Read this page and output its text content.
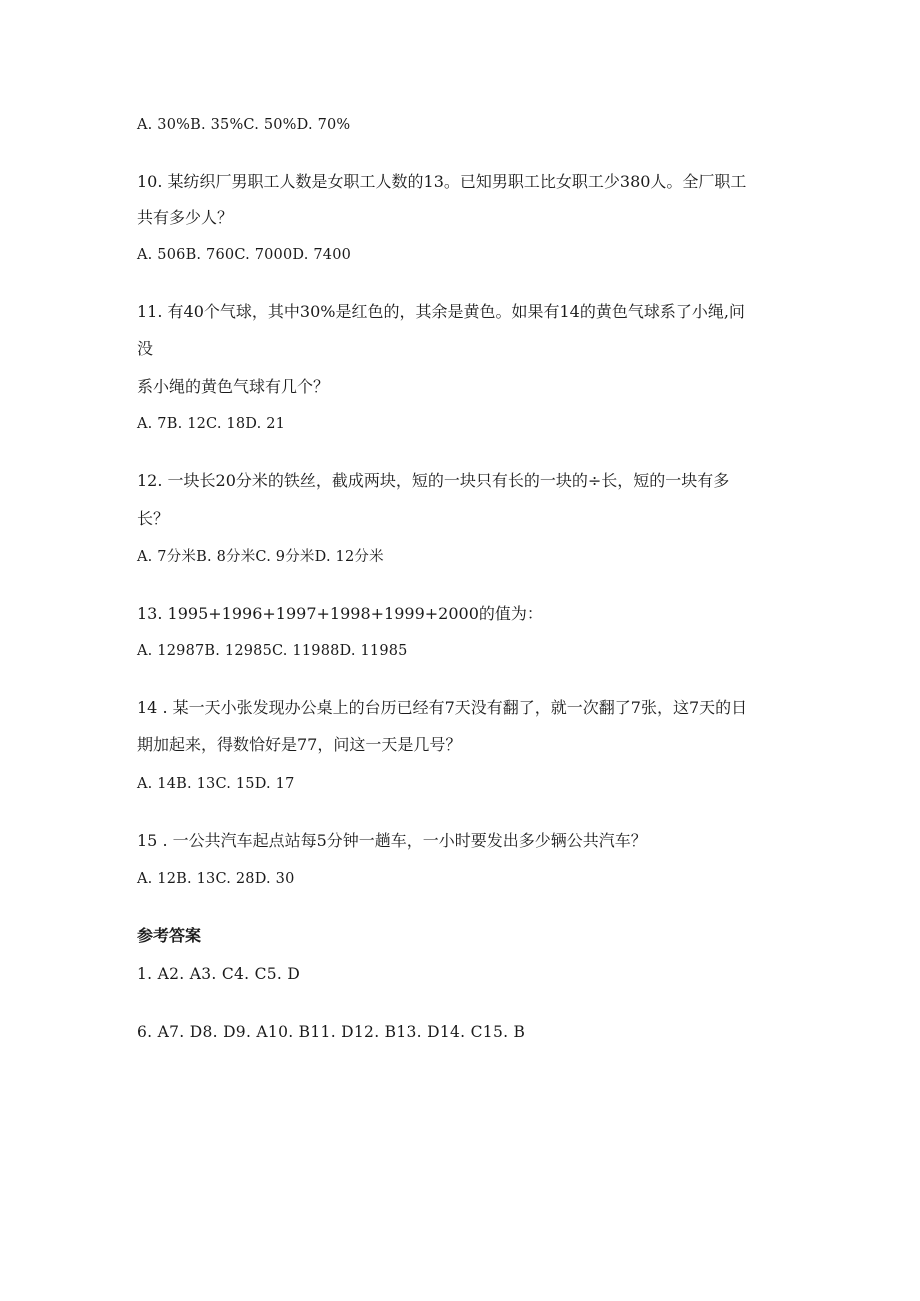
A. 30%B. 35%C. 50%D. 70%
10. 某纺织厂男职工人数是女职工人数的13。已知男职工比女职工少380人。全厂职工
共有多少人？
A. 506B. 760C. 7000D. 7400
11. 有40个气球，其中30%是红色的，其余是黄色。如果有14的黄色气球系了小绳,问
没
系小绳的黄色气球有几个？
A. 7B. 12C. 18D. 21
12. 一块长20分米的铁丝，截成两块，短的一块只有长的一块的÷长，短的一块有多
长？
A. 7分米B. 8分米C. 9分米D. 12分米
13. 1995+1996+1997+1998+1999+2000的值为：
A. 12987B. 12985C. 11988D. 11985
14 . 某一天小张发现办公桌上的台历已经有7天没有翻了，就一次翻了7张，这7天的日
期加起来，得数恰好是77，问这一天是几号？
A. 14B. 13C. 15D. 17
15 . 一公共汽车起点站每5分钟一趟车，一小时要发出多少辆公共汽车？
A. 12B. 13C. 28D. 30
参考答案
1. A2. A3. C4. C5. D
6. A7. D8. D9. A10. B11. D12. B13. D14. C15. B
